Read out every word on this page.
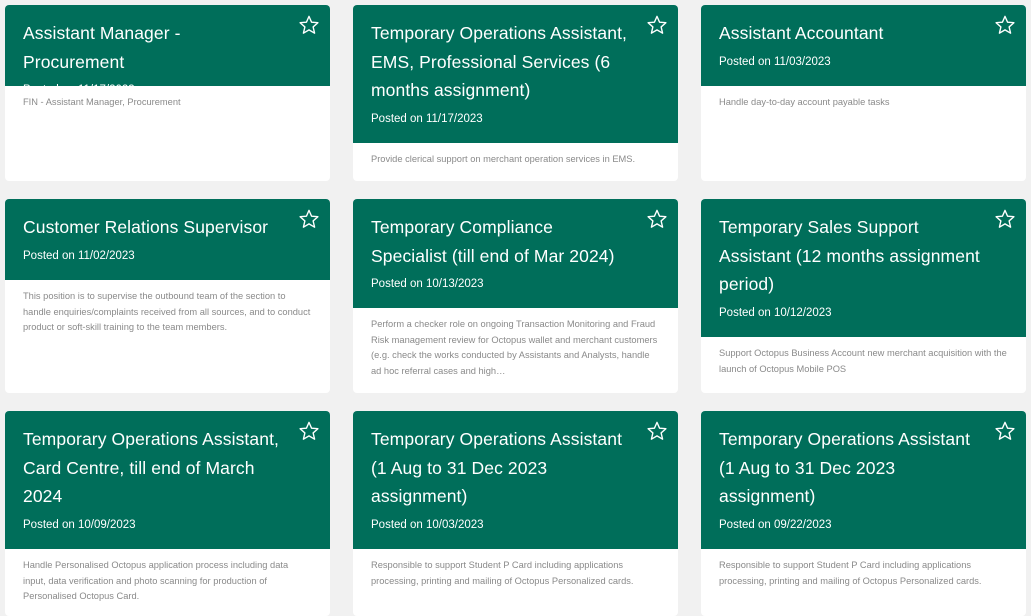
Assistant Manager - Procurement
Posted on 11/17/2023
FIN - Assistant Manager, Procurement
Temporary Operations Assistant, EMS, Professional Services (6 months assignment)
Posted on 11/17/2023
Provide clerical support on merchant operation services in EMS.
Assistant Accountant
Posted on 11/03/2023
Handle day-to-day account payable tasks
Customer Relations Supervisor
Posted on 11/02/2023
This position is to supervise the outbound team of the section to handle enquiries/complaints received from all sources, and to conduct product or soft-skill training to the team members.
Temporary Compliance Specialist (till end of Mar 2024)
Posted on 10/13/2023
Perform a checker role on ongoing Transaction Monitoring and Fraud Risk management review for Octopus wallet and merchant customers (e.g. check the works conducted by Assistants and Analysts, handle ad hoc referral cases and high…
Temporary Sales Support Assistant (12 months assignment period)
Posted on 10/12/2023
Support Octopus Business Account new merchant acquisition with the launch of Octopus Mobile POS
Temporary Operations Assistant, Card Centre, till end of March 2024
Posted on 10/09/2023
Handle Personalised Octopus application process including data input, data verification and photo scanning for production of Personalised Octopus Card.
Temporary Operations Assistant (1 Aug to 31 Dec 2023 assignment)
Posted on 10/03/2023
Responsible to support Student P Card including applications processing, printing and mailing of Octopus Personalized cards.
Temporary Operations Assistant (1 Aug to 31 Dec 2023 assignment)
Posted on 09/22/2023
Responsible to support Student P Card including applications processing, printing and mailing of Octopus Personalized cards.
